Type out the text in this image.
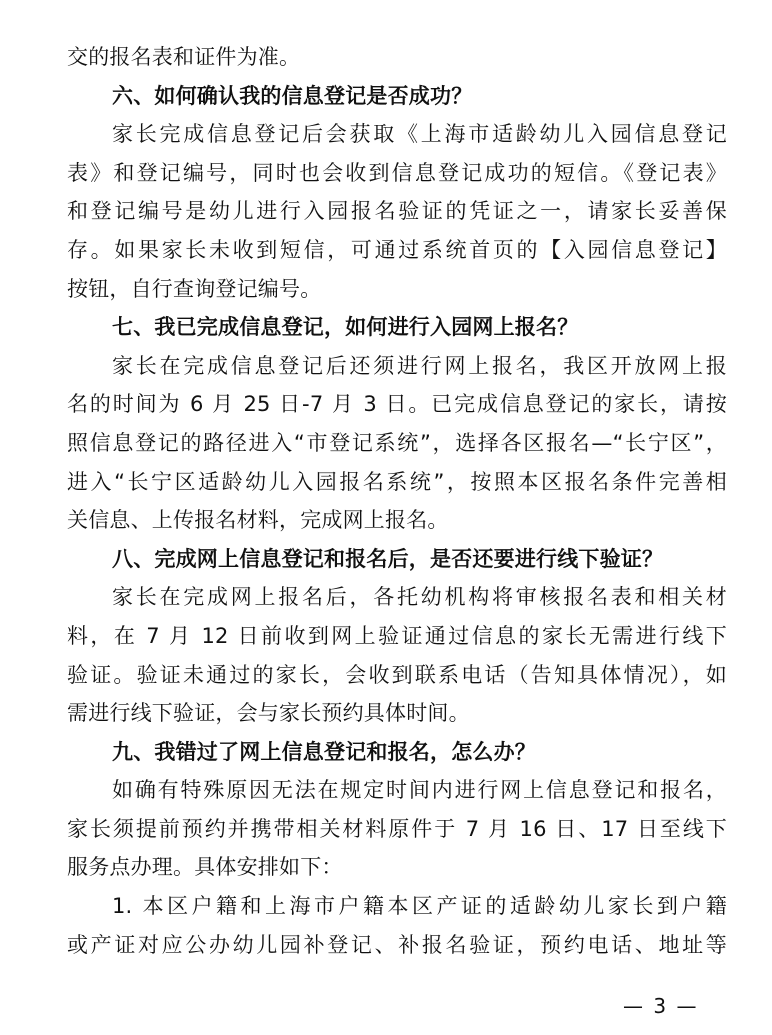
交的报名表和证件为准。
六、如何确认我的信息登记是否成功？
家长完成信息登记后会获取《上海市适龄幼儿入园信息登记
表》和登记编号，同时也会收到信息登记成功的短信。《登记表》
和登记编号是幼儿进行入园报名验证的凭证之一，请家长妥善保
存。如果家长未收到短信，可通过系统首页的【入园信息登记】
按钮，自行查询登记编号。
七、我已完成信息登记，如何进行入园网上报名？
家长在完成信息登记后还须进行网上报名，我区开放网上报
名的时间为 6 月 25 日-7 月 3 日。已完成信息登记的家长，请按
照信息登记的路径进入“市登记系统”，选择各区报名—“长宁区”，
进入“长宁区适龄幼儿入园报名系统”，按照本区报名条件完善相
关信息、上传报名材料，完成网上报名。
八、完成网上信息登记和报名后，是否还要进行线下验证？
家长在完成网上报名后，各托幼机构将审核报名表和相关材
料，在 7 月 12 日前收到网上验证通过信息的家长无需进行线下
验证。验证未通过的家长，会收到联系电话（告知具体情况），如
需进行线下验证，会与家长预约具体时间。
九、我错过了网上信息登记和报名，怎么办？
如确有特殊原因无法在规定时间内进行网上信息登记和报名，
家长须提前预约并携带相关材料原件于 7 月 16 日、17 日至线下
服务点办理。具体安排如下：
1. 本区户籍和上海市户籍本区产证的适龄幼儿家长到户籍
或产证对应公办幼儿园补登记、补报名验证，预约电话、地址等
— 3 —
